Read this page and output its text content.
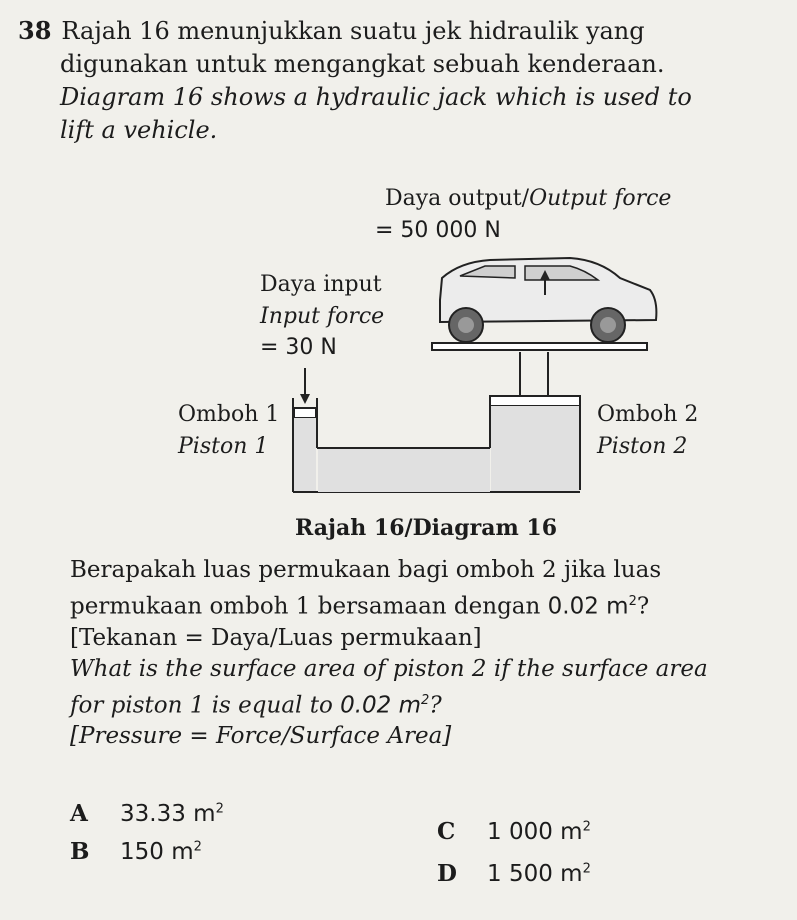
38 Rajah 16 menunjukkan suatu jek hidraulik yang
digunakan untuk mengangkat sebuah kenderaan.
Diagram 16 shows a hydraulic jack which is used to
lift a vehicle.
Daya output/Output force
= 50 000 N
Daya input
Input force
= 30 N
Omboh 1
Piston 1
Omboh 2
Piston 2
Rajah 16/Diagram 16
Berapakah luas permukaan bagi omboh 2 jika luas
permukaan omboh 1 bersamaan dengan 0.02 $m^2$?
[Tekanan = Daya/Luas permukaan]
What is the surface area of piston 2 if the surface area
for piston 1 is equal to 0.02 $m^2$?
[Pressure = Force/Surface Area]
A 33.33 $m^2$
B 150 $m^2$
C 1 000 $m^2$
D 1 500 $m^2$
